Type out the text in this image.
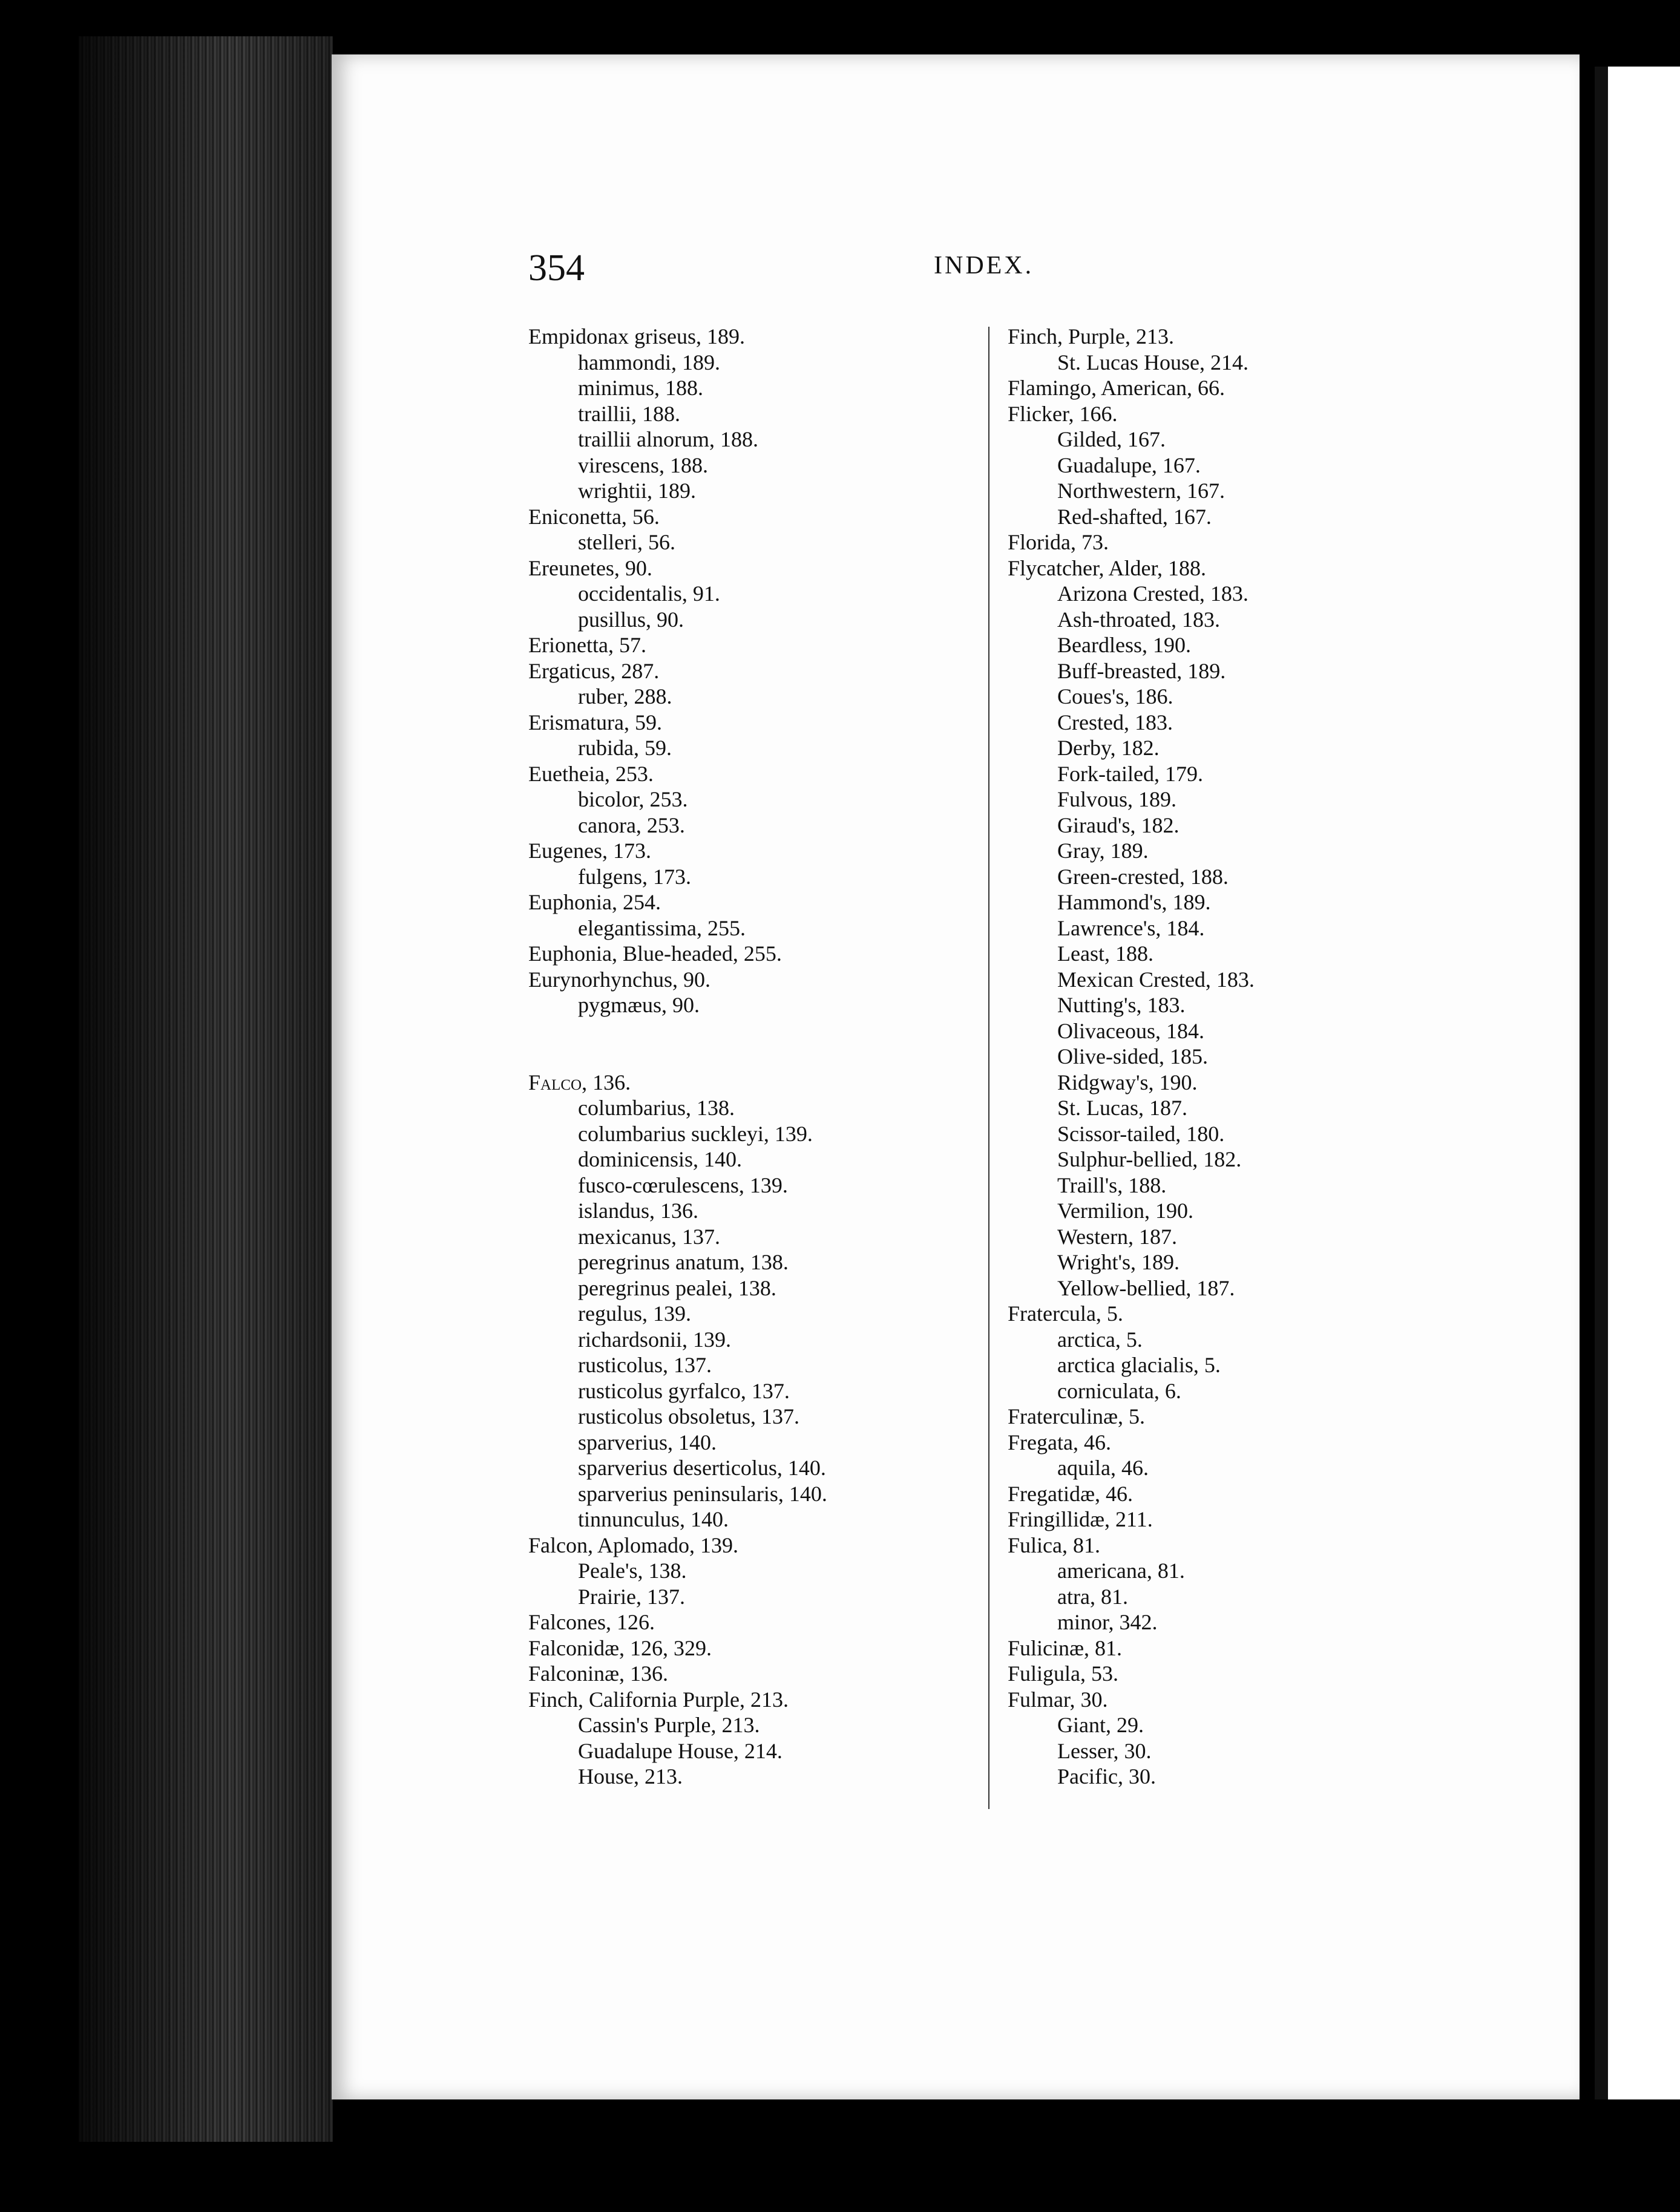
354	INDEX.
Empidonax griseus, 189.
hammondi, 189.
minimus, 188.
traillii, 188.
traillii alnorum, 188.
virescens, 188.
wrightii, 189.
Eniconetta, 56.
stelleri, 56.
Ereunetes, 90.
occidentalis, 91.
pusillus, 90.
Erionetta, 57.
Ergaticus, 287.
ruber, 288.
Erismatura, 59.
rubida, 59.
Euetheia, 253.
bicolor, 253.
canora, 253.
Eugenes, 173.
fulgens, 173.
Euphonia, 254.
elegantissima, 255.
Euphonia, Blue-headed, 255.
Eurynorhynchus, 90.
pygmæus, 90.
Falco, 136.
columbarius, 138.
columbarius suckleyi, 139.
dominicensis, 140.
fusco-cœrulescens, 139.
islandus, 136.
mexicanus, 137.
peregrinus anatum, 138.
peregrinus pealei, 138.
regulus, 139.
richardsonii, 139.
rusticolus, 137.
rusticolus gyrfalco, 137.
rusticolus obsoletus, 137.
sparverius, 140.
sparverius deserticolus, 140.
sparverius peninsularis, 140.
tinnunculus, 140.
Falcon, Aplomado, 139.
Peale's, 138.
Prairie, 137.
Falcones, 126.
Falconidæ, 126, 329.
Falconinæ, 136.
Finch, California Purple, 213.
Cassin's Purple, 213.
Guadalupe House, 214.
House, 213.
Finch, Purple, 213.
St. Lucas House, 214.
Flamingo, American, 66.
Flicker, 166.
Gilded, 167.
Guadalupe, 167.
Northwestern, 167.
Red-shafted, 167.
Florida, 73.
Flycatcher, Alder, 188.
Arizona Crested, 183.
Ash-throated, 183.
Beardless, 190.
Buff-breasted, 189.
Coues's, 186.
Crested, 183.
Derby, 182.
Fork-tailed, 179.
Fulvous, 189.
Giraud's, 182.
Gray, 189.
Green-crested, 188.
Hammond's, 189.
Lawrence's, 184.
Least, 188.
Mexican Crested, 183.
Nutting's, 183.
Olivaceous, 184.
Olive-sided, 185.
Ridgway's, 190.
St. Lucas, 187.
Scissor-tailed, 180.
Sulphur-bellied, 182.
Traill's, 188.
Vermilion, 190.
Western, 187.
Wright's, 189.
Yellow-bellied, 187.
Fratercula, 5.
arctica, 5.
arctica glacialis, 5.
corniculata, 6.
Fraterculinæ, 5.
Fregata, 46.
aquila, 46.
Fregatidæ, 46.
Fringillidæ, 211.
Fulica, 81.
americana, 81.
atra, 81.
minor, 342.
Fulicinæ, 81.
Fuligula, 53.
Fulmar, 30.
Giant, 29.
Lesser, 30.
Pacific, 30.
